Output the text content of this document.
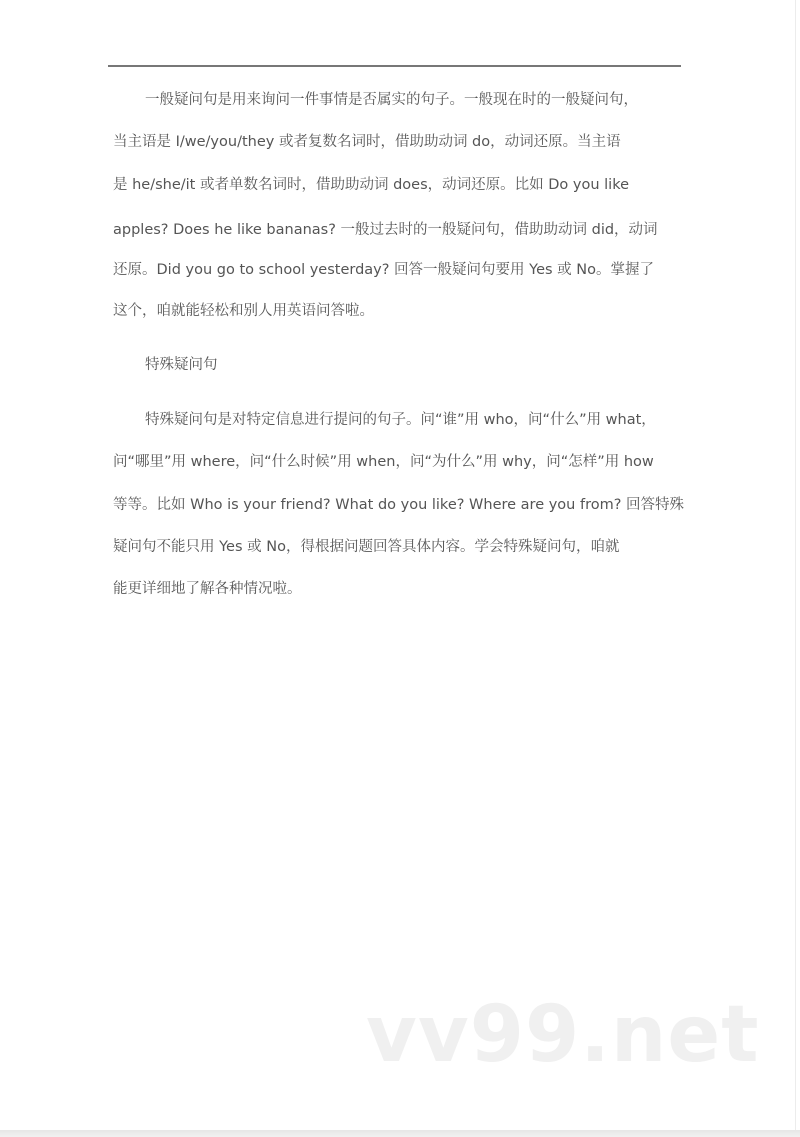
一般疑问句是用来询问一件事情是否属实的句子。一般现在时的一般疑问句，
当主语是 I/we/you/they 或者复数名词时，借助助动词 do，动词还原。当主语
是 he/she/it 或者单数名词时，借助助动词 does，动词还原。比如 Do you like
apples? Does he like bananas? 一般过去时的一般疑问句，借助助动词 did，动词
还原。Did you go to school yesterday? 回答一般疑问句要用 Yes 或 No。掌握了
这个，咱就能轻松和别人用英语问答啦。
特殊疑问句
特殊疑问句是对特定信息进行提问的句子。问“谁”用 who，问“什么”用 what，
问“哪里”用 where，问“什么时候”用 when，问“为什么”用 why，问“怎样”用 how
等等。比如 Who is your friend? What do you like? Where are you from? 回答特殊
疑问句不能只用 Yes 或 No，得根据问题回答具体内容。学会特殊疑问句，咱就
能更详细地了解各种情况啦。
vv99.net
